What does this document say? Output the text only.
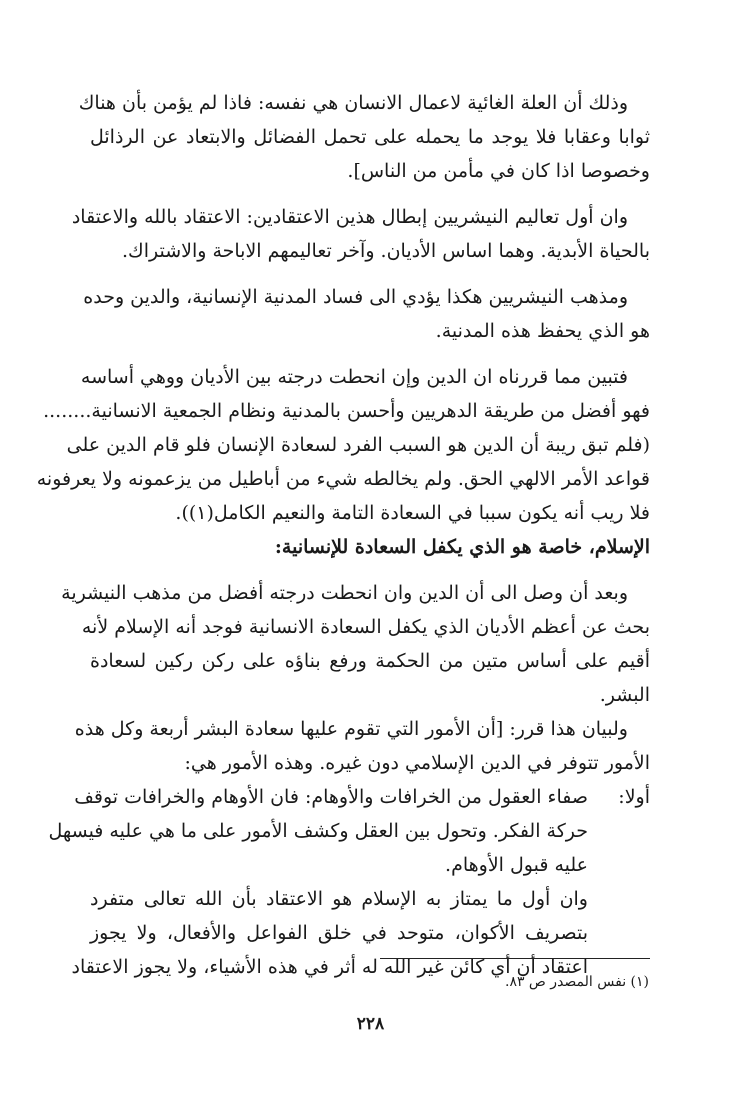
وذلك أن العلة الغائية لاعمال الانسان هي نفسه: فاذا لم يؤمن بأن هناك
ثوابا وعقابا فلا يوجد ما يحمله على تحمل الفضائل والابتعاد عن الرذائل
وخصوصا اذا كان في مأمن من الناس].
وان أول تعاليم النيشريين إبطال هذين الاعتقادين: الاعتقاد بالله والاعتقاد
بالحياة الأبدية. وهما اساس الأديان. وآخر تعاليمهم الاباحة والاشتراك.
ومذهب النيشريين هكذا يؤدي الى فساد المدنية الإنسانية، والدين وحده
هو الذي يحفظ هذه المدنية.
فتبين مما قررناه ان الدين وإن انحطت درجته بين الأديان ووهي أساسه
فهو أفضل من طريقة الدهريين وأحسن بالمدنية ونظام الجمعية الانسانية........
(فلم تبق ريبة أن الدين هو السبب الفرد لسعادة الإنسان فلو قام الدين على
قواعد الأمر الالهي الحق. ولم يخالطه شيء من أباطيل من يزعمونه ولا يعرفونه
فلا ريب أنه يكون سببا في السعادة التامة والنعيم الكامل(١)).
الإسلام، خاصة هو الذي يكفل السعادة للإنسانية:
وبعد أن وصل الى أن الدين وان انحطت درجته أفضل من مذهب النيشرية
بحث عن أعظم الأديان الذي يكفل السعادة الانسانية فوجد أنه الإسلام لأنه
أقيم على أساس متين من الحكمة ورفع بناؤه على ركن ركين لسعادة
البشر.
ولبيان هذا قرر: [أن الأمور التي تقوم عليها سعادة البشر أربعة وكل هذه
الأمور تتوفر في الدين الإسلامي دون غيره. وهذه الأمور هي:
أولا:
صفاء العقول من الخرافات والأوهام: فان الأوهام والخرافات توقف
حركة الفكر. وتحول بين العقل وكشف الأمور على ما هي عليه فيسهل
عليه قبول الأوهام.
وان أول ما يمتاز به الإسلام هو الاعتقاد بأن الله تعالى متفرد
بتصريف الأكوان، متوحد في خلق الفواعل والأفعال، ولا يجوز
اعتقاد أن أي كائن غير الله له أثر في هذه الأشياء، ولا يجوز الاعتقاد
(١) نفس المصدر ص ٨٣.
٢٢٨
